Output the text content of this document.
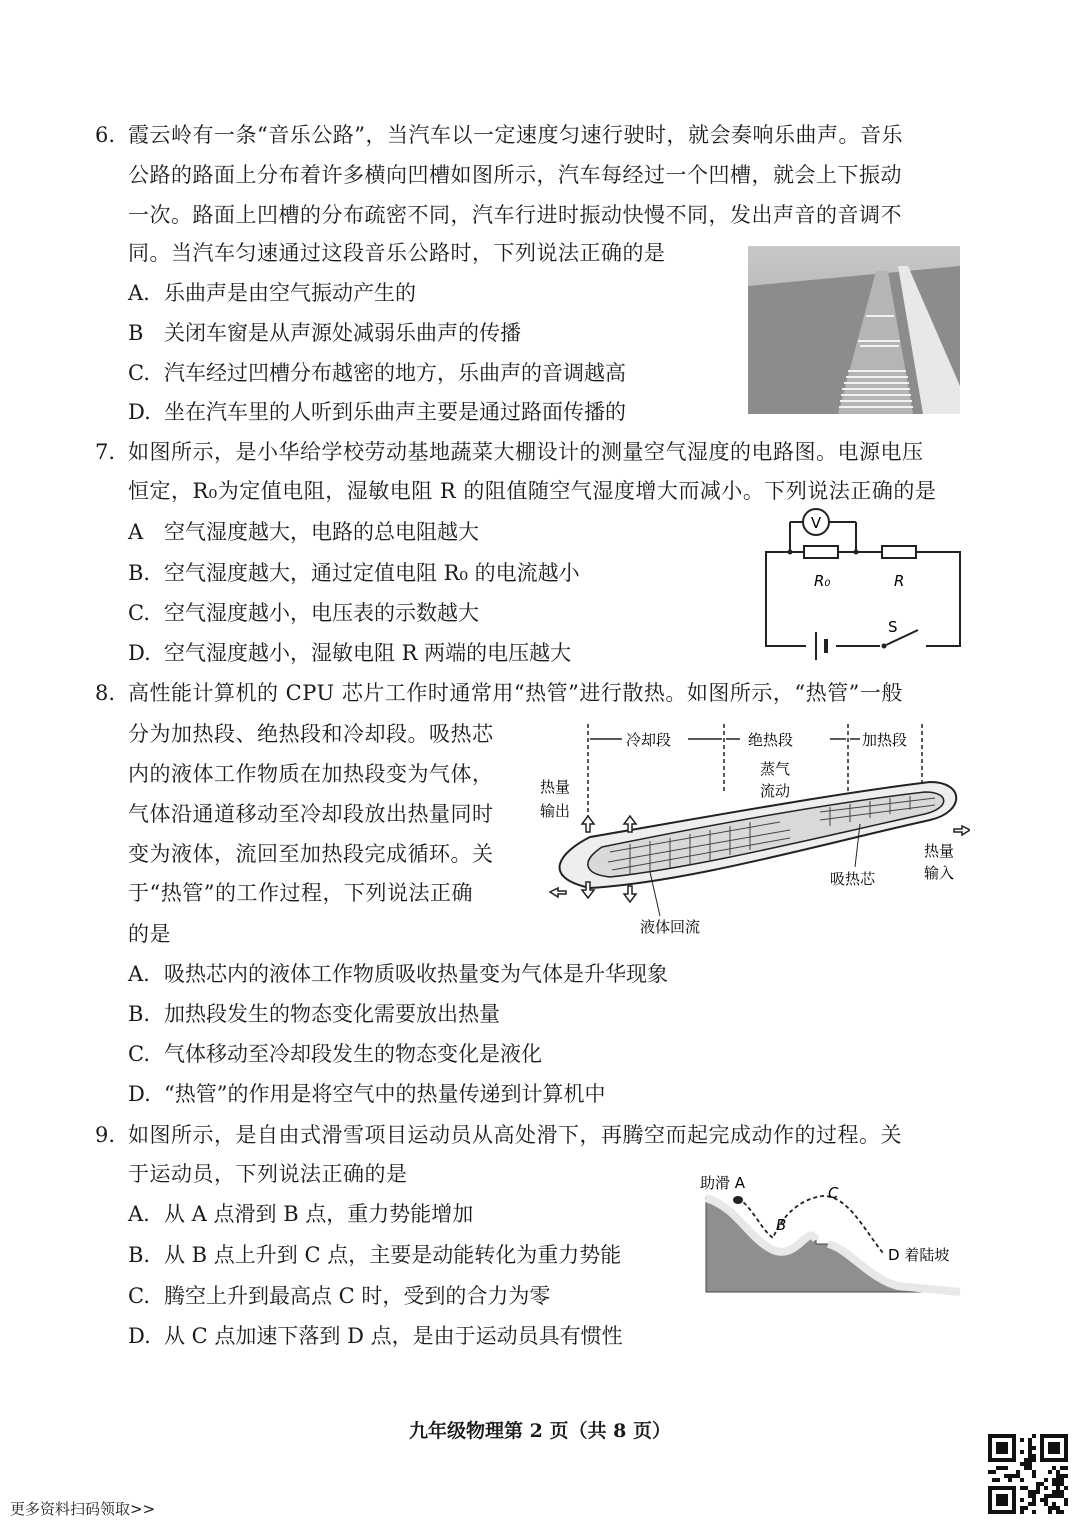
6. 霞云岭有一条“音乐公路”，当汽车以一定速度匀速行驶时，就会奏响乐曲声。音乐
公路的路面上分布着许多横向凹槽如图所示，汽车每经过一个凹槽，就会上下振动
一次。路面上凹槽的分布疏密不同，汽车行进时振动快慢不同，发出声音的音调不
同。当汽车匀速通过这段音乐公路时，下列说法正确的是
A. 乐曲声是由空气振动产生的
B 关闭车窗是从声源处减弱乐曲声的传播
C. 汽车经过凹槽分布越密的地方，乐曲声的音调越高
D. 坐在汽车里的人听到乐曲声主要是通过路面传播的
7. 如图所示，是小华给学校劳动基地蔬菜大棚设计的测量空气湿度的电路图。电源电压
恒定，R₀为定值电阻，湿敏电阻 R 的阻值随空气湿度增大而减小。下列说法正确的是
A 空气湿度越大，电路的总电阻越大
B. 空气湿度越大，通过定值电阻 R₀ 的电流越小
C. 空气湿度越小，电压表的示数越大
D. 空气湿度越小，湿敏电阻 R 两端的电压越大
V
R₀	R
S
8. 高性能计算机的 CPU 芯片工作时通常用“热管”进行散热。如图所示，“热管”一般
分为加热段、绝热段和冷却段。吸热芯
内的液体工作物质在加热段变为气体，
气体沿通道移动至冷却段放出热量同时
变为液体，流回至加热段完成循环。关
于“热管”的工作过程，下列说法正确
的是
A. 吸热芯内的液体工作物质吸收热量变为气体是升华现象
B. 加热段发生的物态变化需要放出热量
C. 气体移动至冷却段发生的物态变化是液化
D. “热管”的作用是将空气中的热量传递到计算机中
冷却段	绝热段	加热段
蒸气
流动
热量
输出
热量
输入
吸热芯
液体回流
9. 如图所示，是自由式滑雪项目运动员从高处滑下，再腾空而起完成动作的过程。关
于运动员，下列说法正确的是
A. 从 A 点滑到 B 点，重力势能增加
B. 从 B 点上升到 C 点，主要是动能转化为重力势能
C. 腾空上升到最高点 C 时，受到的合力为零
D. 从 C 点加速下落到 D 点，是由于运动员具有惯性
助滑 A
B
C
D 着陆坡
九年级物理第 2 页（共 8 页）
更多资料扫码领取>>
